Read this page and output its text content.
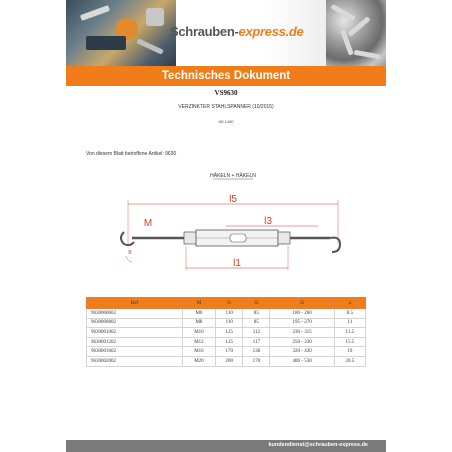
Schrauben-express.de
Technisches Dokument
VS9630
VERZINKTER STAHLSPANNER (10/2015)
AB 1480
Von diesem Blatt betroffene Artikel: 9630
HÄKELN + HÄKELN
l5
l3
M
B
l1
Ref	M	l1	l3	l5	a
9630000602	M6	110	85	180 - 260	8.5
9630000802	M8	110	85	195 - 270	11
9630001002	M10	125	112	230 - 315	13.5
9630001202	M12	125	117	250 - 330	15.5
9630001602	M16	170	138	320 - 430	19
9630002002	M20	200	170	400 - 530	20.5
kundendienst@schrauben-express.de
